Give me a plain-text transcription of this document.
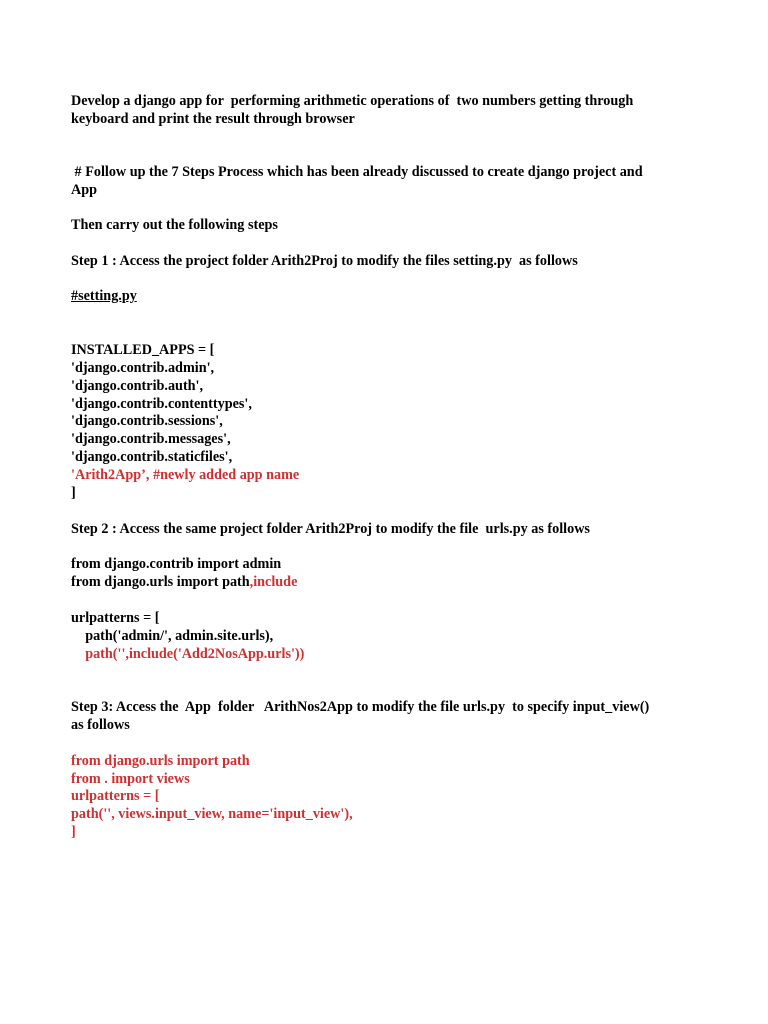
Develop a django app for  performing arithmetic operations of  two numbers getting through
keyboard and print the result through browser
# Follow up the 7 Steps Process which has been already discussed to create django project and
App
Then carry out the following steps
Step 1 : Access the project folder Arith2Proj to modify the files setting.py  as follows
#setting.py
INSTALLED_APPS = [
'django.contrib.admin',
'django.contrib.auth',
'django.contrib.contenttypes',
'django.contrib.sessions',
'django.contrib.messages',
'django.contrib.staticfiles',
'Arith2App’, #newly added app name
]
Step 2 : Access the same project folder Arith2Proj to modify the file  urls.py as follows
from django.contrib import admin
from django.urls import path,include
urlpatterns = [
path('admin/', admin.site.urls),
path('',include('Add2NosApp.urls'))
Step 3: Access the  App  folder   ArithNos2App to modify the file urls.py  to specify input_view()
as follows
from django.urls import path
from . import views
urlpatterns = [
path('', views.input_view, name='input_view'),
]
